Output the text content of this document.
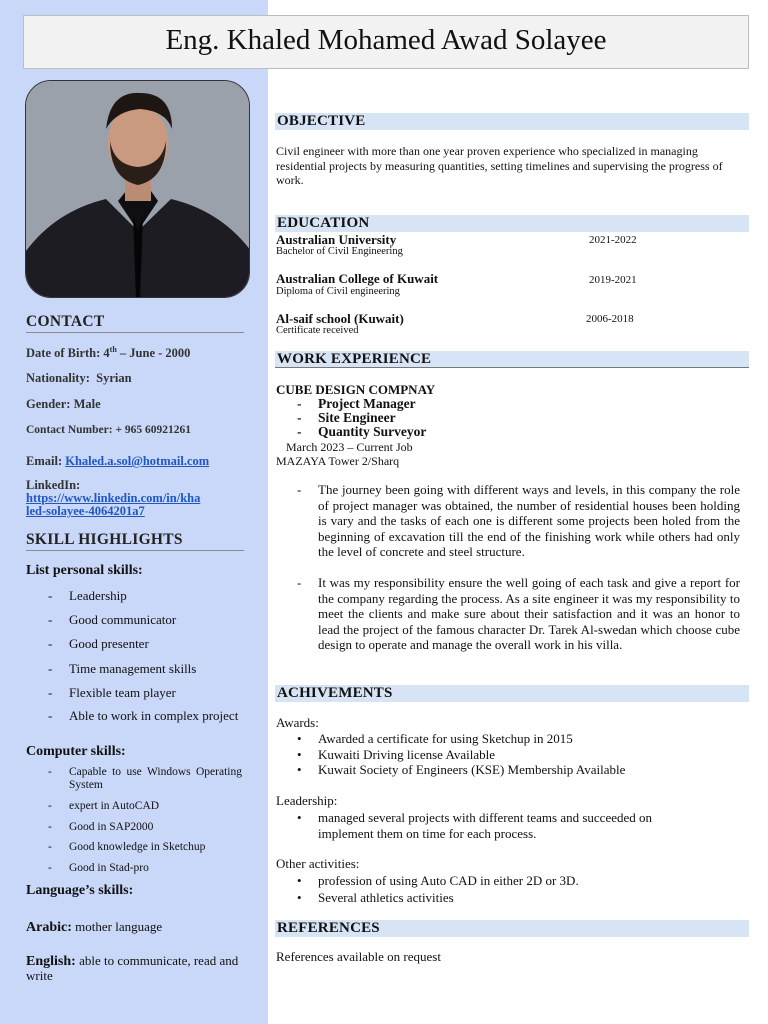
Eng. Khaled Mohamed Awad Solayee
CONTACT
Date of Birth: 4th – June - 2000
Nationality: Syrian
Gender: Male
Contact Number: + 965 60921261
Email: Khaled.a.sol@hotmail.com
LinkedIn:
https://www.linkedin.com/in/kha
led-solayee-4064201a7
SKILL HIGHLIGHTS
List personal skills:
- Leadership
- Good communicator
- Good presenter
- Time management skills
- Flexible team player
- Able to work in complex project
Computer skills:
- Capable to use Windows Operating System
- expert in AutoCAD
- Good in SAP2000
- Good knowledge in Sketchup
- Good in Stad-pro
Language’s skills:
Arabic: mother language
English: able to communicate, read and write
OBJECTIVE
Civil engineer with more than one year proven experience who specialized in managing residential projects by measuring quantities, setting timelines and supervising the progress of work.
EDUCATION
Australian University
Bachelor of Civil Engineering
2021-2022
Australian College of Kuwait
Diploma of Civil engineering
2019-2021
Al-saif school (Kuwait)
Certificate received
2006-2018
WORK EXPERIENCE
CUBE DESIGN COMPNAY
- Project Manager
- Site Engineer
- Quantity Surveyor
March 2023 – Current Job
MAZAYA Tower 2/Sharq
- The journey been going with different ways and levels, in this company the role of project manager was obtained, the number of residential houses been holding is vary and the tasks of each one is different some projects been holed from the beginning of excavation till the end of the finishing work while others had only the level of concrete and steel structure.
- It was my responsibility ensure the well going of each task and give a report for the company regarding the process. As a site engineer it was my responsibility to meet the clients and make sure about their satisfaction and it was an honor to lead the project of the famous character Dr. Tarek Al-swedan which choose cube design to operate and manage the overall work in his villa.
ACHIVEMENTS
Awards:
• Awarded a certificate for using Sketchup in 2015
• Kuwaiti Driving license Available
• Kuwait Society of Engineers (KSE) Membership Available
Leadership:
• managed several projects with different teams and succeeded on implement them on time for each process.
Other activities:
• profession of using Auto CAD in either 2D or 3D.
• Several athletics activities
REFERENCES
References available on request
